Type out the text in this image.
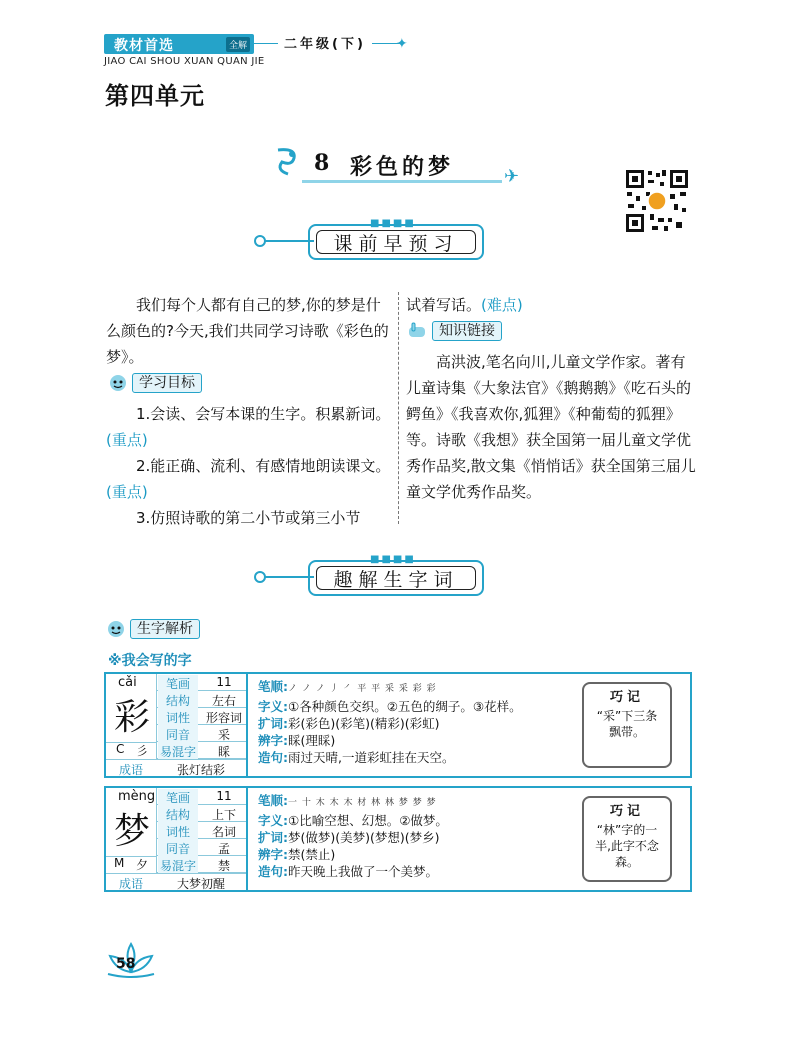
教材首选	全解	二年级(下)	✦
JIAO CAI SHOU XUAN QUAN JIE
第四单元
8 彩色的梦	✈
■■■■
课前早预习

我们每个人都有自己的梦,你的梦是什么颜色的?今天,我们共同学习诗歌《彩色的梦》。

学习目标
1.会读、会写本课的生字。积累新词。(重点)
2.能正确、流利、有感情地朗读课文。(重点)
3.仿照诗歌的第二小节或第三小节
试着写话。(难点)
知识链接

高洪波,笔名向川,儿童文学作家。著有儿童诗集《大象法官》《鹅鹅鹅》《吃石头的鳄鱼》《我喜欢你,狐狸》《种葡萄的狐狸》等。诗歌《我想》获全国第一届儿童文学优秀作品奖,散文集《悄悄话》获全国第三届儿童文学优秀作品奖。

■■■■
趣解生字词
生字解析
※我会写的字
cǎi
彩
C 彡
笔画	11
结构	左右
词性	形容词
同音	采
易混字	睬
成语	张灯结彩
笔顺:ノ ノ ノ 丿 ㇒ 平 平 采 采 彩 彩
字义:①各种颜色交织。②五色的绸子。③花样。
扩词:彩(彩色)(彩笔)(精彩)(彩虹)
辨字:睬(理睬)
造句:雨过天晴,一道彩虹挂在天空。
巧记
“采”下三条飘带。
mèng
梦
M 夕
笔画	11
结构	上下
词性	名词
同音	孟
易混字	禁
成语	大梦初醒
笔顺:一 十 木 木 木 材 林 林 梦 梦 梦
字义:①比喻空想、幻想。②做梦。
扩词:梦(做梦)(美梦)(梦想)(梦乡)
辨字:禁(禁止)
造句:昨天晚上我做了一个美梦。
巧记
“林”字的一半,此字不念森。
58
